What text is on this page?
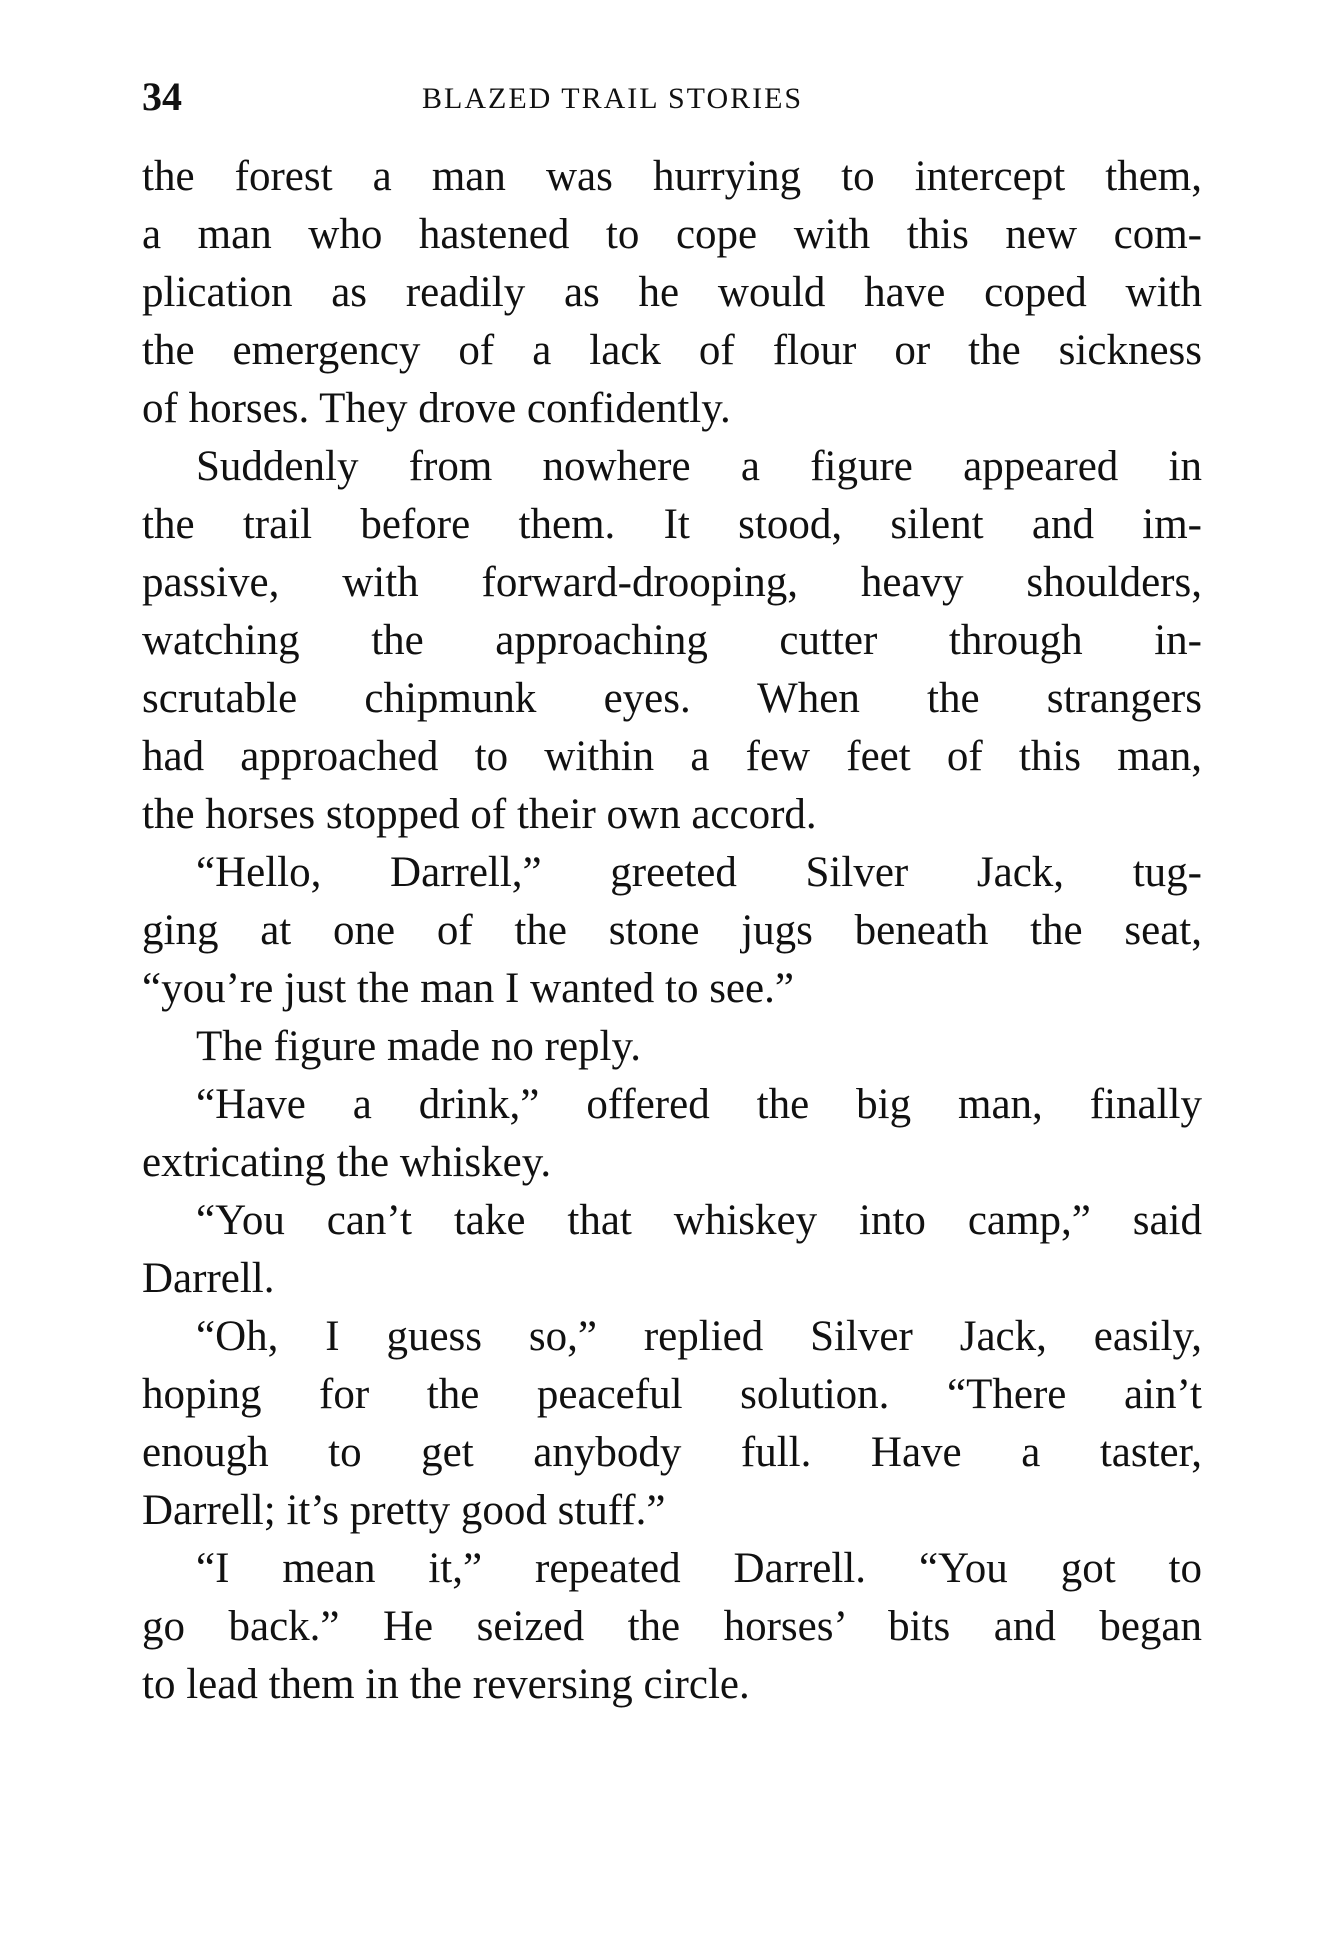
34	BLAZED TRAIL STORIES
the forest a man was hurrying to intercept them,
a man who hastened to cope with this new com-
plication as readily as he would have coped with
the emergency of a lack of flour or the sickness
of horses. They drove confidently.
Suddenly from nowhere a figure appeared in
the trail before them. It stood, silent and im-
passive, with forward-drooping, heavy shoulders,
watching the approaching cutter through in-
scrutable chipmunk eyes. When the strangers
had approached to within a few feet of this man,
the horses stopped of their own accord.
“Hello, Darrell,” greeted Silver Jack, tug-
ging at one of the stone jugs beneath the seat,
“you’re just the man I wanted to see.”
The figure made no reply.
“Have a drink,” offered the big man, finally
extricating the whiskey.
“You can’t take that whiskey into camp,” said
Darrell.
“Oh, I guess so,” replied Silver Jack, easily,
hoping for the peaceful solution. “There ain’t
enough to get anybody full. Have a taster,
Darrell; it’s pretty good stuff.”
“I mean it,” repeated Darrell. “You got to
go back.” He seized the horses’ bits and began
to lead them in the reversing circle.
